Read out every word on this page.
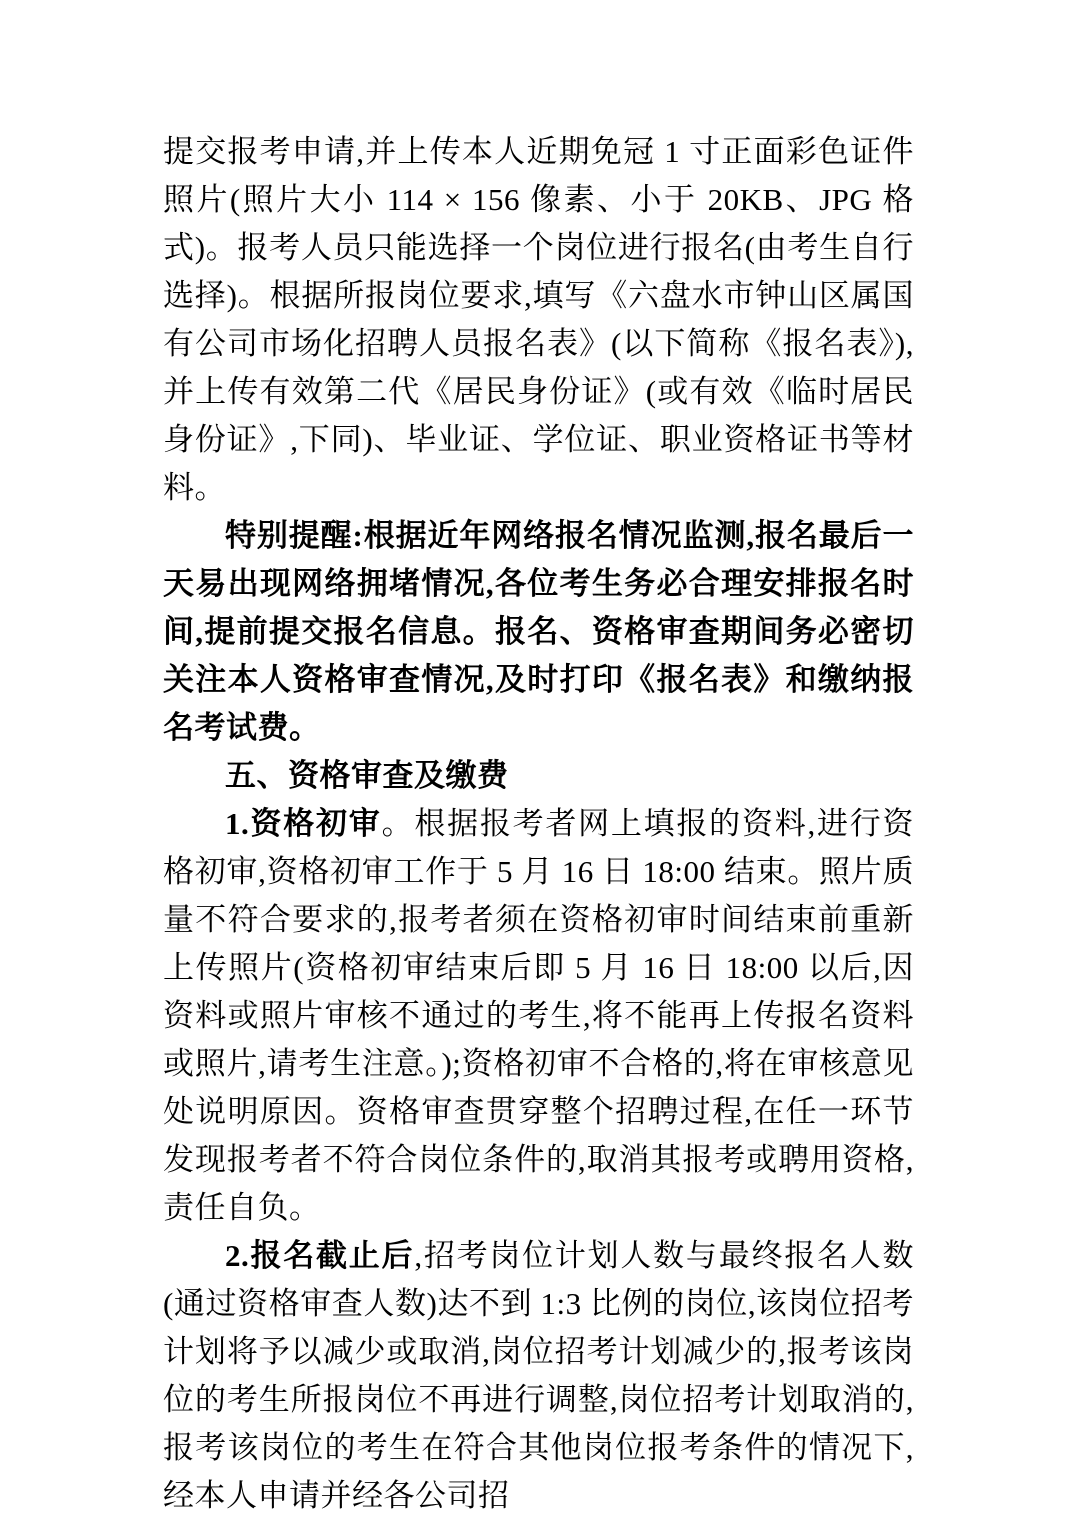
提交报考申请,并上传本人近期免冠 1 寸正面彩色证件照片(照片大小 114 × 156 像素、小于 20KB、JPG 格式)。报考人员只能选择一个岗位进行报名(由考生自行选择)。根据所报岗位要求,填写《六盘水市钟山区属国有公司市场化招聘人员报名表》(以下简称《报名表》),并上传有效第二代《居民身份证》(或有效《临时居民身份证》,下同)、毕业证、学位证、职业资格证书等材料。

特别提醒:根据近年网络报名情况监测,报名最后一天易出现网络拥堵情况,各位考生务必合理安排报名时间,提前提交报名信息。报名、资格审查期间务必密切关注本人资格审查情况,及时打印《报名表》和缴纳报名考试费。

五、资格审查及缴费

1.资格初审。根据报考者网上填报的资料,进行资格初审,资格初审工作于 5 月 16 日 18:00 结束。照片质量不符合要求的,报考者须在资格初审时间结束前重新上传照片(资格初审结束后即 5 月 16 日 18:00 以后,因资料或照片审核不通过的考生,将不能再上传报名资料或照片,请考生注意。);资格初审不合格的,将在审核意见处说明原因。资格审查贯穿整个招聘过程,在任一环节发现报考者不符合岗位条件的,取消其报考或聘用资格,责任自负。

2.报名截止后,招考岗位计划人数与最终报名人数(通过资格审查人数)达不到 1:3 比例的岗位,该岗位招考计划将予以减少或取消,岗位招考计划减少的,报考该岗位的考生所报岗位不再进行调整,岗位招考计划取消的,报考该岗位的考生在符合其他岗位报考条件的情况下,经本人申请并经各公司招
